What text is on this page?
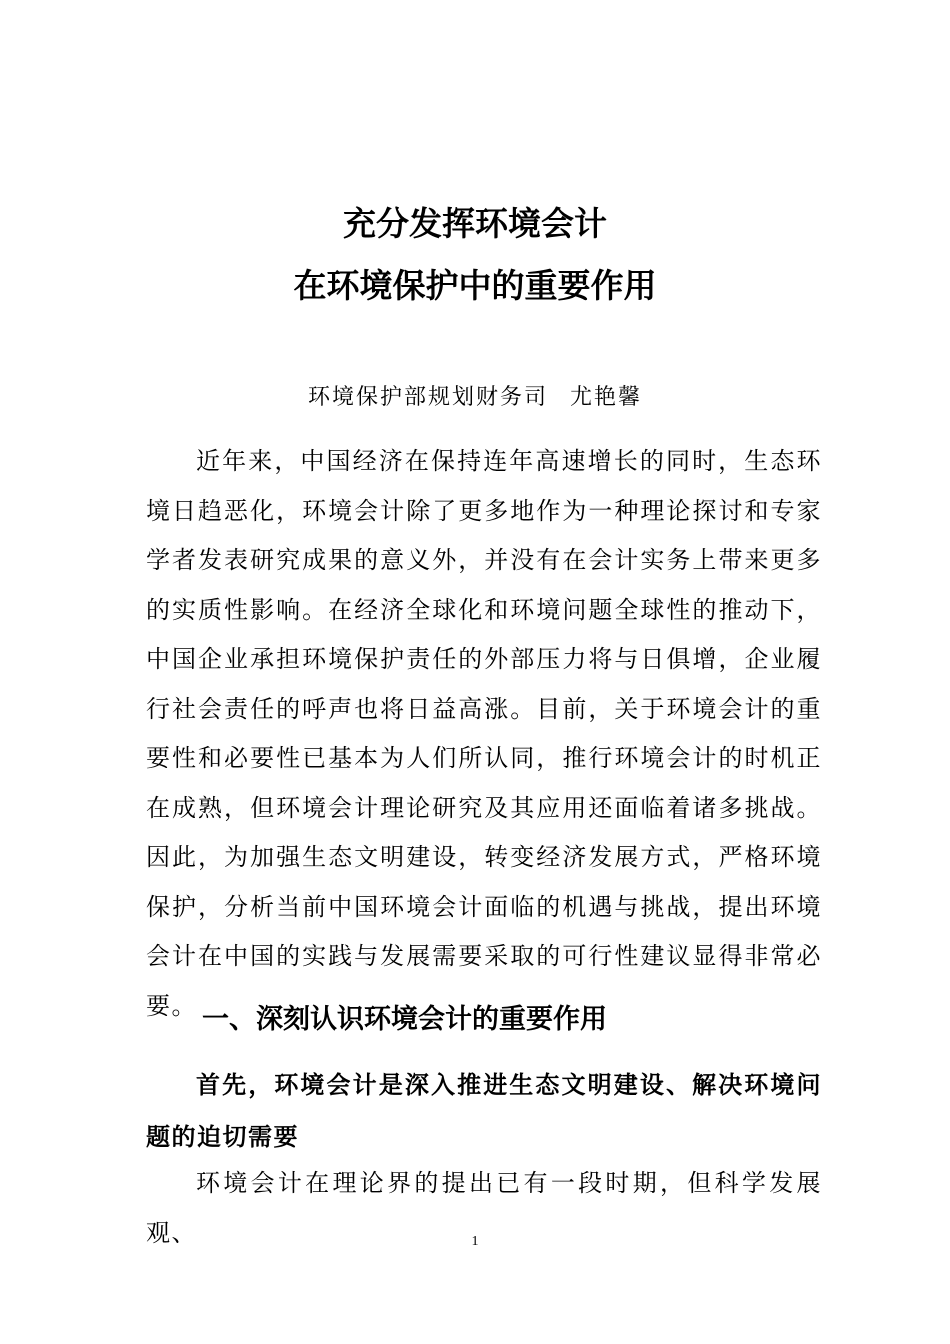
充分发挥环境会计
在环境保护中的重要作用
环境保护部规划财务司 尤艳馨

近年来，中国经济在保持连年高速增长的同时，生态环境日趋恶化，环境会计除了更多地作为一种理论探讨和专家学者发表研究成果的意义外，并没有在会计实务上带来更多的实质性影响。在经济全球化和环境问题全球性的推动下，中国企业承担环境保护责任的外部压力将与日俱增，企业履行社会责任的呼声也将日益高涨。目前，关于环境会计的重要性和必要性已基本为人们所认同，推行环境会计的时机正在成熟，但环境会计理论研究及其应用还面临着诸多挑战。因此，为加强生态文明建设，转变经济发展方式，严格环境保护，分析当前中国环境会计面临的机遇与挑战，提出环境会计在中国的实践与发展需要采取的可行性建议显得非常必要。 一、深刻认识环境会计的重要作用

首先，环境会计是深入推进生态文明建设、解决环境问题的迫切需要

环境会计在理论界的提出已有一段时期，但科学发展观、	1
